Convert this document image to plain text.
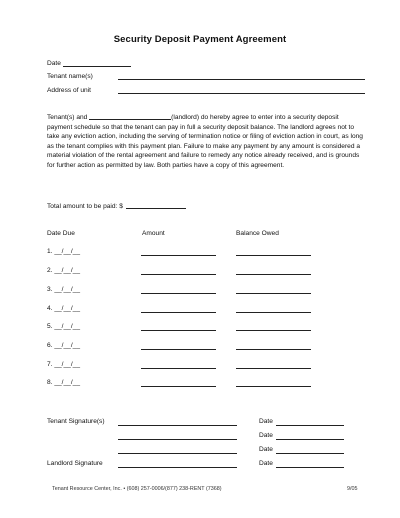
Security Deposit Payment Agreement
Date
Tenant name(s)
Address of unit
Tenant(s) and	(landlord) do hereby agree to enter into a security deposit payment schedule so that the tenant can pay in full a security deposit balance. The landlord agrees not to take any eviction action, including the serving of termination notice or filing of eviction action in court, as long as the tenant complies with this payment plan. Failure to make any payment by any amount is considered a material violation of the rental agreement and failure to remedy any notice already received, and is grounds for further action as permitted by law. Both parties have a copy of this agreement.
Total amount to be paid: $
Date Due	Amount	Balance Owed
1. __/__/__
2. __/__/__
3. __/__/__
4. __/__/__
5. __/__/__
6. __/__/__
7. __/__/__
8. __/__/__
Tenant Signature(s)	Date
Date
Date
Landlord Signature	Date
Tenant Resource Center, Inc. • (608) 257-0006/(877) 238-RENT (7368)	9/05
